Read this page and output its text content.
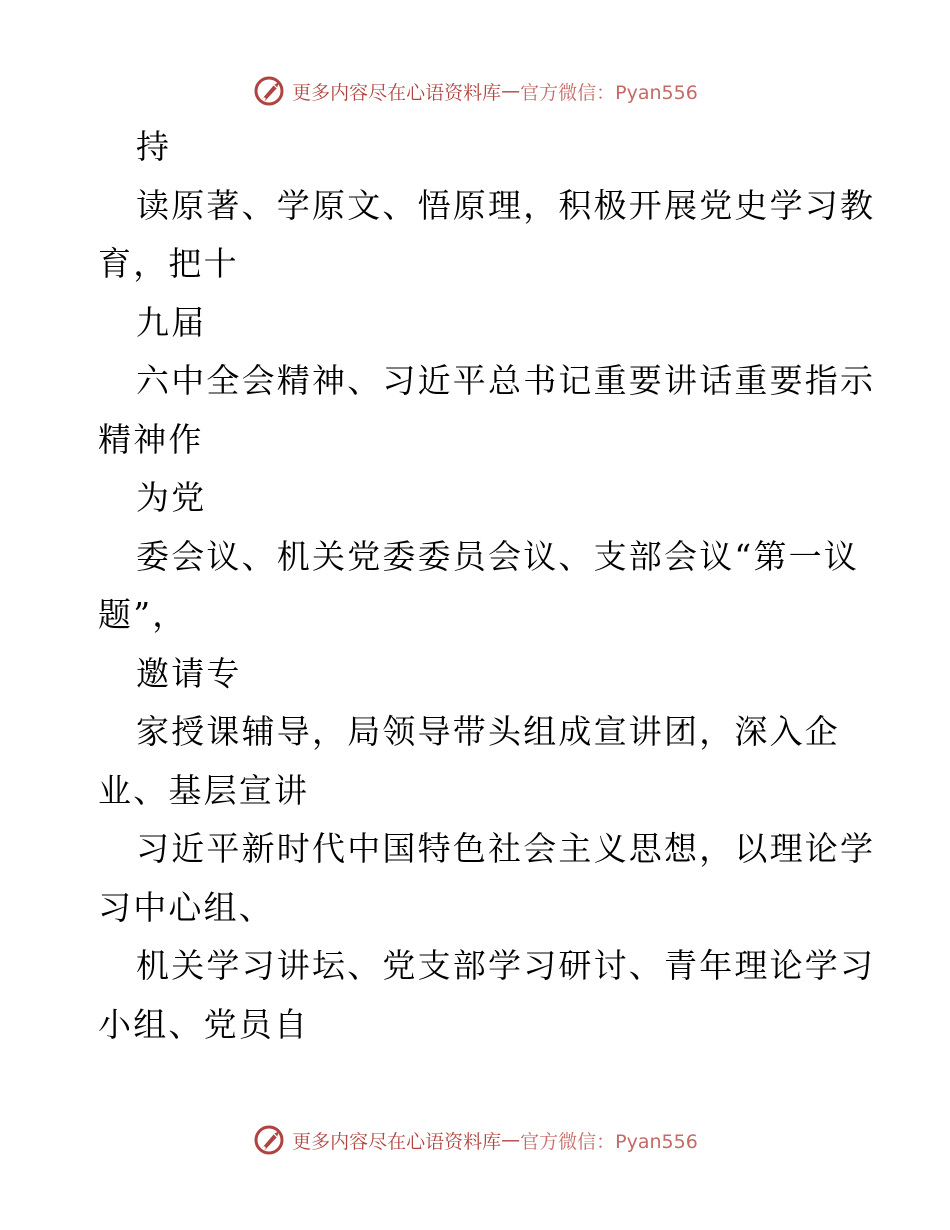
更多内容尽在心语资料库 — 官方微信：Pyan556
持
读原著、学原文、悟原理，积极开展党史学习教
育，把十
九届
六中全会精神、习近平总书记重要讲话重要指示
精神作
为党
委会议、机关党委委员会议、支部会议“第一议
题”，
邀请专
家授课辅导，局领导带头组成宣讲团，深入企
业、基层宣讲
习近平新时代中国特色社会主义思想，以理论学
习中心组、
机关学习讲坛、党支部学习研讨、青年理论学习
小组、党员自
更多内容尽在心语资料库 — 官方微信：Pyan556
